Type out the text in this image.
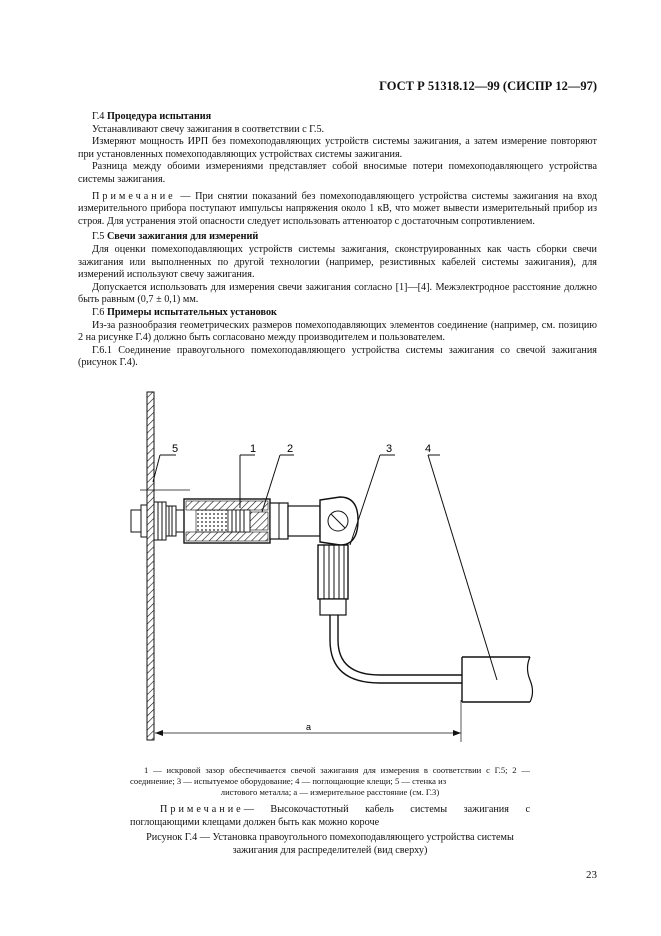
ГОСТ Р 51318.12—99 (СИСПР 12—97)

Г.4 Процедура испытания

Устанавливают свечу зажигания в соответствии с Г.5.

Измеряют мощность ИРП без помехоподавляющих устройств системы зажигания, а затем измерение повторяют при установленных помехоподавляющих устройствах системы зажигания.

Разница между обоими измерениями представляет собой вносимые потери помехоподавляющего устройства системы зажигания.

Примечание — При снятии показаний без помехоподавляющего устройства системы зажигания на вход измерительного прибора поступают импульсы напряжения около 1 кВ, что может вывести измерительный прибор из строя. Для устранения этой опасности следует использовать аттенюатор с достаточным сопротивлением.

Г.5 Свечи зажигания для измерений

Для оценки помехоподавляющих устройств системы зажигания, сконструированных как часть сборки свечи зажигания или выполненных по другой технологии (например, резистивных кабелей системы зажигания), для измерений используют свечу зажигания.

Допускается использовать для измерения свечи зажигания согласно [1]—[4]. Межэлектродное расстояние должно быть равным (0,7 ± 0,1) мм.

Г.6 Примеры испытательных установок

Из-за разнообразия геометрических размеров помехоподавляющих элементов соединение (например, см. позицию 2 на рисунке Г.4) должно быть согласовано между производителем и пользователем.

Г.6.1 Соединение правоугольного помехоподавляющего устройства системы зажигания со свечой зажигания (рисунок Г.4).

5	1	2	3	4
a

1 — искровой зазор обеспечивается свечой зажигания для измерения в соответствии с Г.5; 2 — соединение; 3 — испытуемое оборудование; 4 — поглощающие клещи; 5 — стенка из

листового металла; а — измерительное расстояние (см. Г.3)

Примечание— Высокочастотный кабель системы зажигания с поглощающими клещами должен быть как можно короче

Рисунок Г.4 — Установка правоугольного помехоподавляющего устройства системы зажигания для распределителей (вид сверху)
23
